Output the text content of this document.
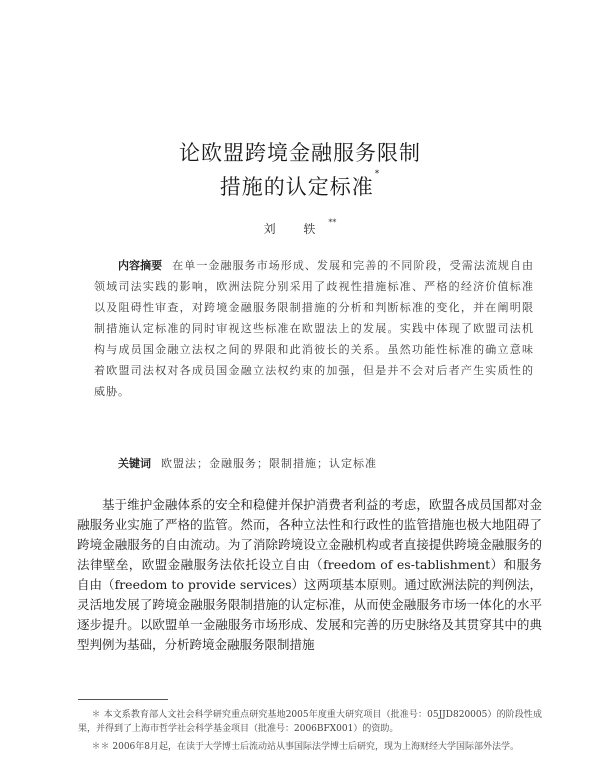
论欧盟跨境金融服务限制
措施的认定标准*
刘 轶**
内容摘要 在单一金融服务市场形成、发展和完善的不同阶段，受需法流规自由领域司法实践的影响，欧洲法院分别采用了歧视性措施标准、严格的经济价值标准以及阻碍性审查，对跨境金融服务限制措施的分析和判断标准的变化，并在阐明限制措施认定标准的同时审视这些标准在欧盟法上的发展。实践中体现了欧盟司法机构与成员国金融立法权之间的界限和此消彼长的关系。虽然功能性标准的确立意味着欧盟司法权对各成员国金融立法权约束的加强，但是并不会对后者产生实质性的威胁。
关键词 欧盟法；金融服务；限制措施；认定标准
基于维护金融体系的安全和稳健并保护消费者利益的考虑，欧盟各成员国都对金融服务业实施了严格的监管。然而，各种立法性和行政性的监管措施也极大地阻碍了跨境金融服务的自由流动。为了消除跨境设立金融机构或者直接提供跨境金融服务的法律壁垒，欧盟金融服务法依托设立自由（freedom of es-tablishment）和服务自由（freedom to provide services）这两项基本原则。通过欧洲法院的判例法，灵活地发展了跨境金融服务限制措施的认定标准，从而使金融服务市场一体化的水平逐步提升。以欧盟单一金融服务市场形成、发展和完善的历史脉络及其贯穿其中的典型判例为基础，分析跨境金融服务限制措施

＊ 本文系教育部人文社会科学研究重点研究基地2005年度重大研究项目（批准号：05JJD820005）的阶段性成果，并得到了上海市哲学社会科学基金项目（批准号：2006BFX001）的资助。

＊＊ 2006年8月起，在读于大学博士后流动站从事国际法学博士后研究，现为上海财经大学国际部外法学。
